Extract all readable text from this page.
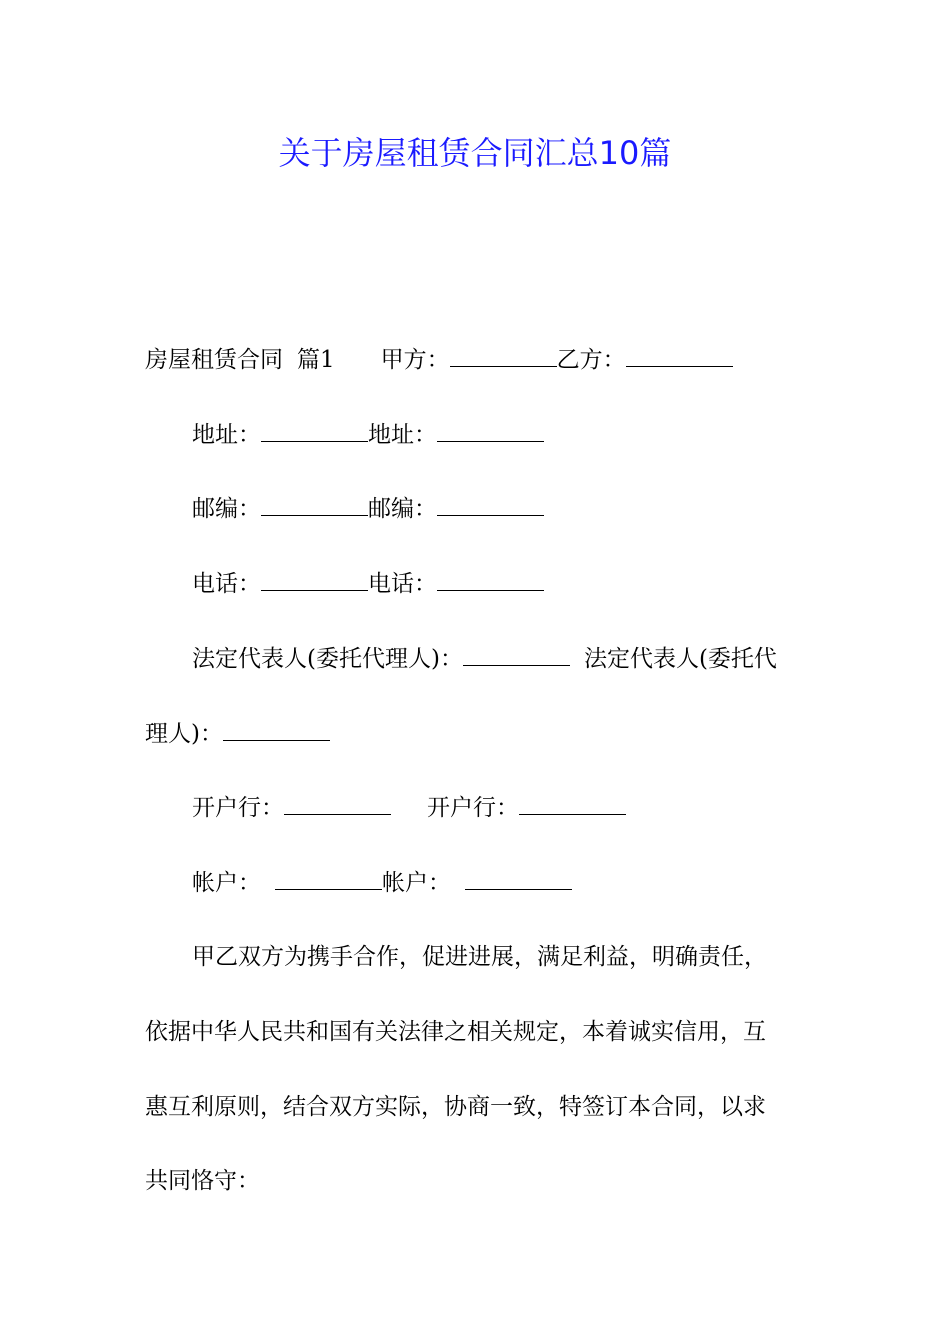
关于房屋租赁合同汇总10篇
房屋租赁合同 篇1 甲方：	乙方：
地址：	地址：
邮编：	邮编：
电话：	电话：
法定代表人(委托代理人)：	法定代表人(委托代
理人)：
开户行：	开户行：
帐户：	帐户：
甲乙双方为携手合作，促进进展，满足利益，明确责任，
依据中华人民共和国有关法律之相关规定，本着诚实信用，互
惠互利原则，结合双方实际，协商一致，特签订本合同，以求
共同恪守：
